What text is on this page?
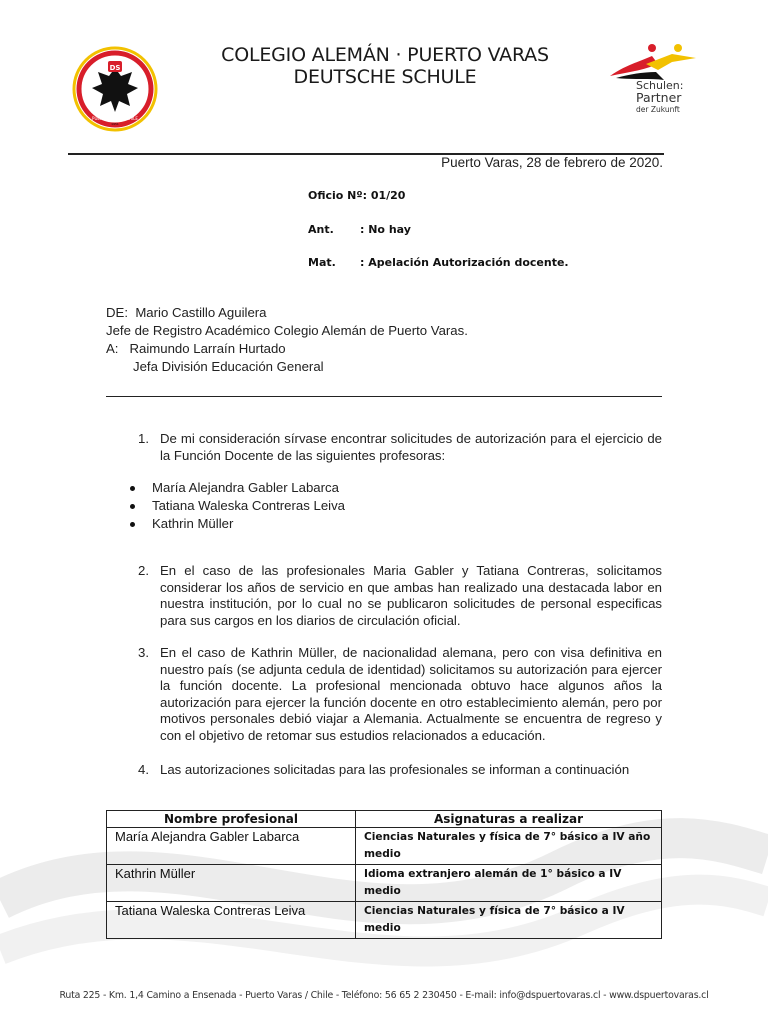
DS
PUERTO VARAS · CHILE
1951
COLEGIO ALEMÁN · PUERTO VARAS
DEUTSCHE SCHULE	Schulen:
Partner
der Zukunft
Puerto Varas, 28 de febrero de 2020.
Oficio Nº: 01/20
Ant. : No hay
Mat. : Apelación Autorización docente.
DE: Mario Castillo Aguilera
Jefe de Registro Académico Colegio Alemán de Puerto Varas.
A: Raimundo Larraín Hurtado
Jefa División Educación General
1. De mi consideración sírvase encontrar solicitudes de autorización para el ejercicio de la Función Docente de las siguientes profesoras:
María Alejandra Gabler Labarca
Tatiana Waleska Contreras Leiva
Kathrin Müller
2. En el caso de las profesionales Maria Gabler y Tatiana Contreras, solicitamos considerar los años de servicio en que ambas han realizado una destacada labor en nuestra institución, por lo cual no se publicaron solicitudes de personal especificas para sus cargos en los diarios de circulación oficial.
3. En el caso de Kathrin Müller, de nacionalidad alemana, pero con visa definitiva en nuestro país (se adjunta cedula de identidad) solicitamos su autorización para ejercer la función docente. La profesional mencionada obtuvo hace algunos años la autorización para ejercer la función docente en otro establecimiento alemán, pero por motivos personales debió viajar a Alemania. Actualmente se encuentra de regreso y con el objetivo de retomar sus estudios relacionados a educación.
4. Las autorizaciones solicitadas para las profesionales se informan a continuación
Nombre profesional	Asignaturas a realizar
María Alejandra Gabler Labarca	Ciencias Naturales y física de 7° básico a IV año medio
Kathrin Müller	Idioma extranjero alemán de 1° básico a IV medio
Tatiana Waleska Contreras Leiva	Ciencias Naturales y física de 7° básico a IV medio
Ruta 225 - Km. 1,4 Camino a Ensenada - Puerto Varas / Chile - Teléfono: 56 65 2 230450 - E-mail: info@dspuertovaras.cl - www.dspuertovaras.cl
